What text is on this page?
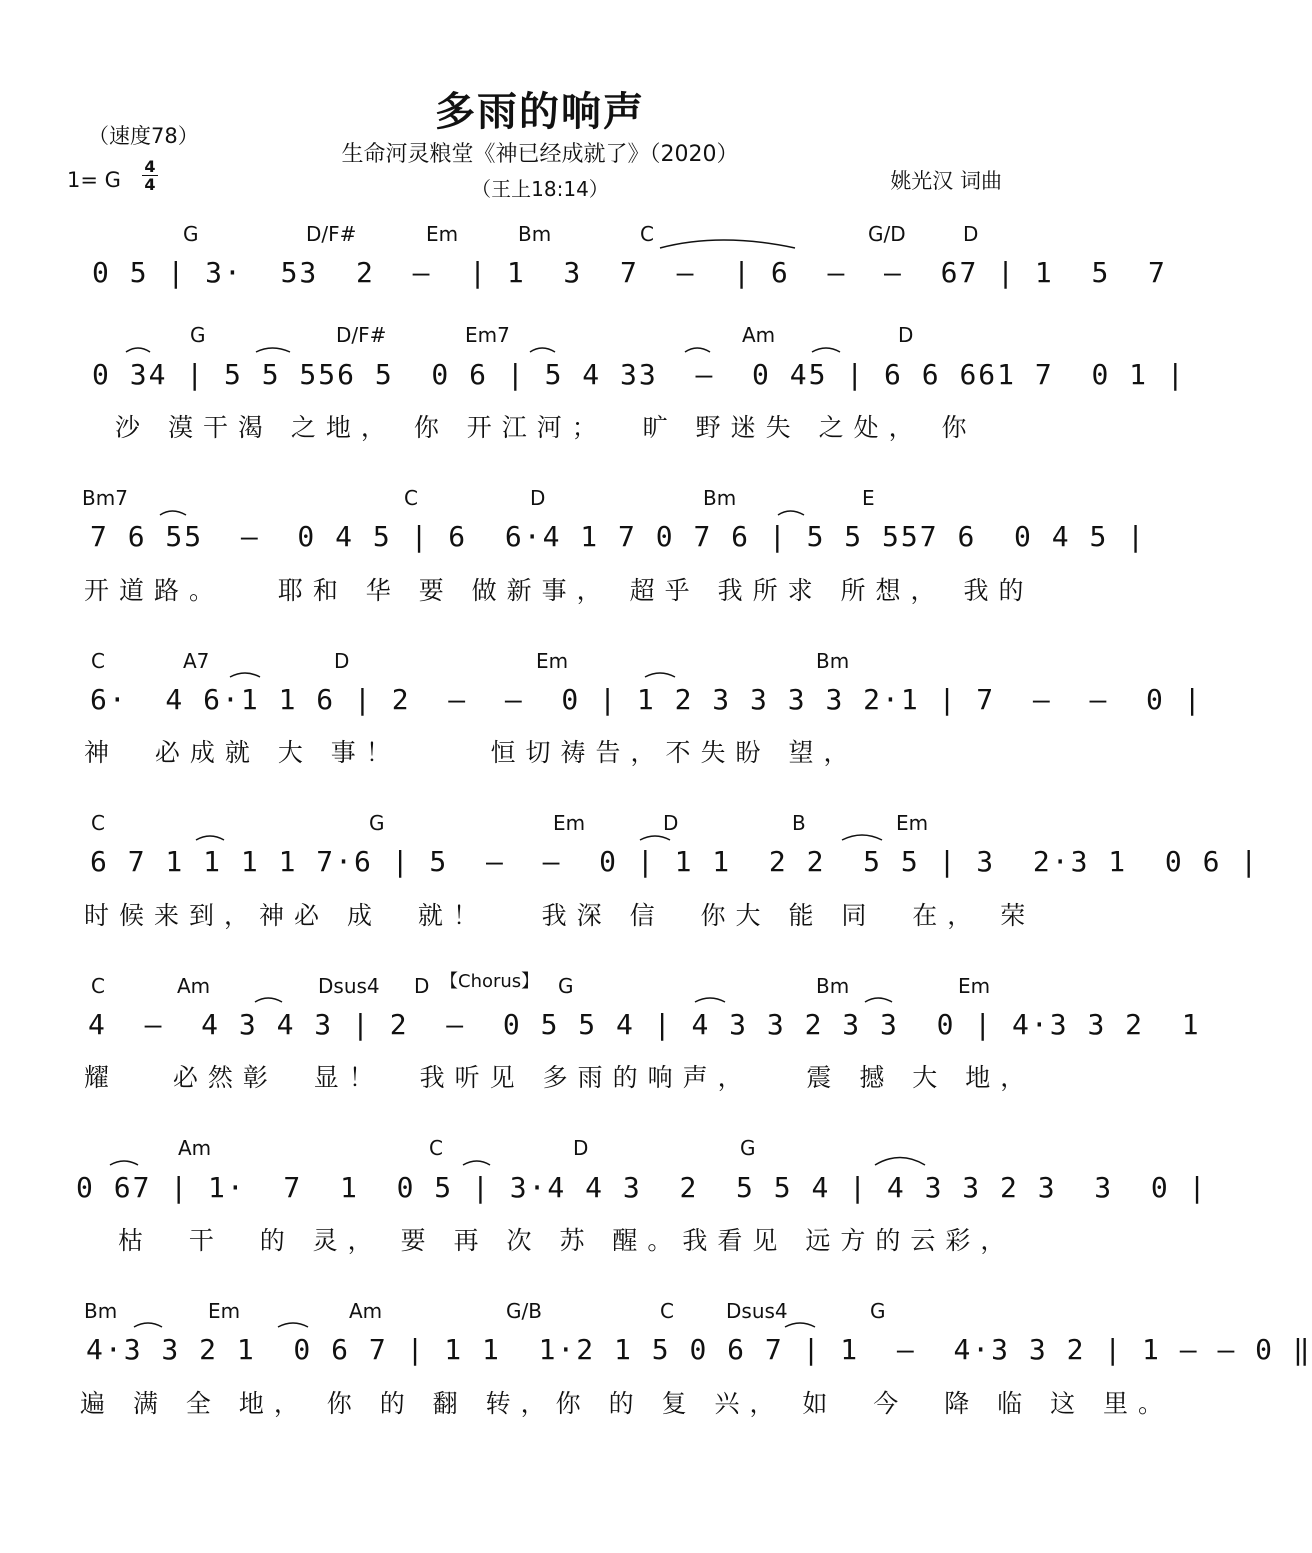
多雨的响声
生命河灵粮堂《神已经成就了》（2020）
（王上18:14）
（速度78）
1= G $\frac{4}{4}$	姚光汉 词曲
G	D/F#	Em	Bm	C	G/D	D
0 5 | 3·  53  2  –  | 1  3  7  –  | 6  –  –  67 | 1  5  7
G	D/F#	Em7	Am	D
0 34 | 5 5 556 5  0 6 | 5 4 33  –  0 45 | 6 6 661 7  0 1 |
沙 漠干渴 之地， 你 开江河；  旷 野迷失 之处， 你
Bm7	C	D	Bm	E
7 6 55  –  0 4 5 | 6  6·4 1 7 0 7 6 | 5 5 557 6  0 4 5 |
开道路。   耶和 华 要 做新事， 超乎 我所求 所想， 我的
C	A7	D	Em	Bm
6·  4 6·1 1 6 | 2  –  –  0 | 1 2 3 3 3 3 2·1 | 7  –  –  0 |
神  必成就 大 事！     恒切祷告，不失盼 望，
C	G	Em	D	B	Em
6 7 1 1 1 1 7·6 | 5  –  –  0 | 1 1  2 2  5 5 | 3  2·3 1  0 6 |
时候来到，神必 成  就！   我深 信  你大 能 同  在， 荣
C	Am	Dsus4 D 【Chorus】 G	Bm	Em
4  –  4 3 4 3 | 2  –  0 5 5 4 | 4 3 3 2 3 3  0 | 4·3 3 2  1
耀   必然彰  显！  我听见 多雨的响声，   震 撼 大 地，
Am	C	D	G
0 67 | 1·  7  1  0 5 | 3·4 4 3  2  5 5 4 | 4 3 3 2 3  3  0 |
枯  干  的 灵， 要 再 次 苏 醒。我看见 远方的云彩，
Bm	Em	Am	G/B	C	Dsus4	G
4·3 3 2 1  0 6 7 | 1 1  1·2 1 5 0 6 7 | 1  –  4·3 3 2 | 1 – – 0 ‖
遍 满 全 地， 你 的 翻 转，你 的 复 兴， 如  今  降 临 这 里。
